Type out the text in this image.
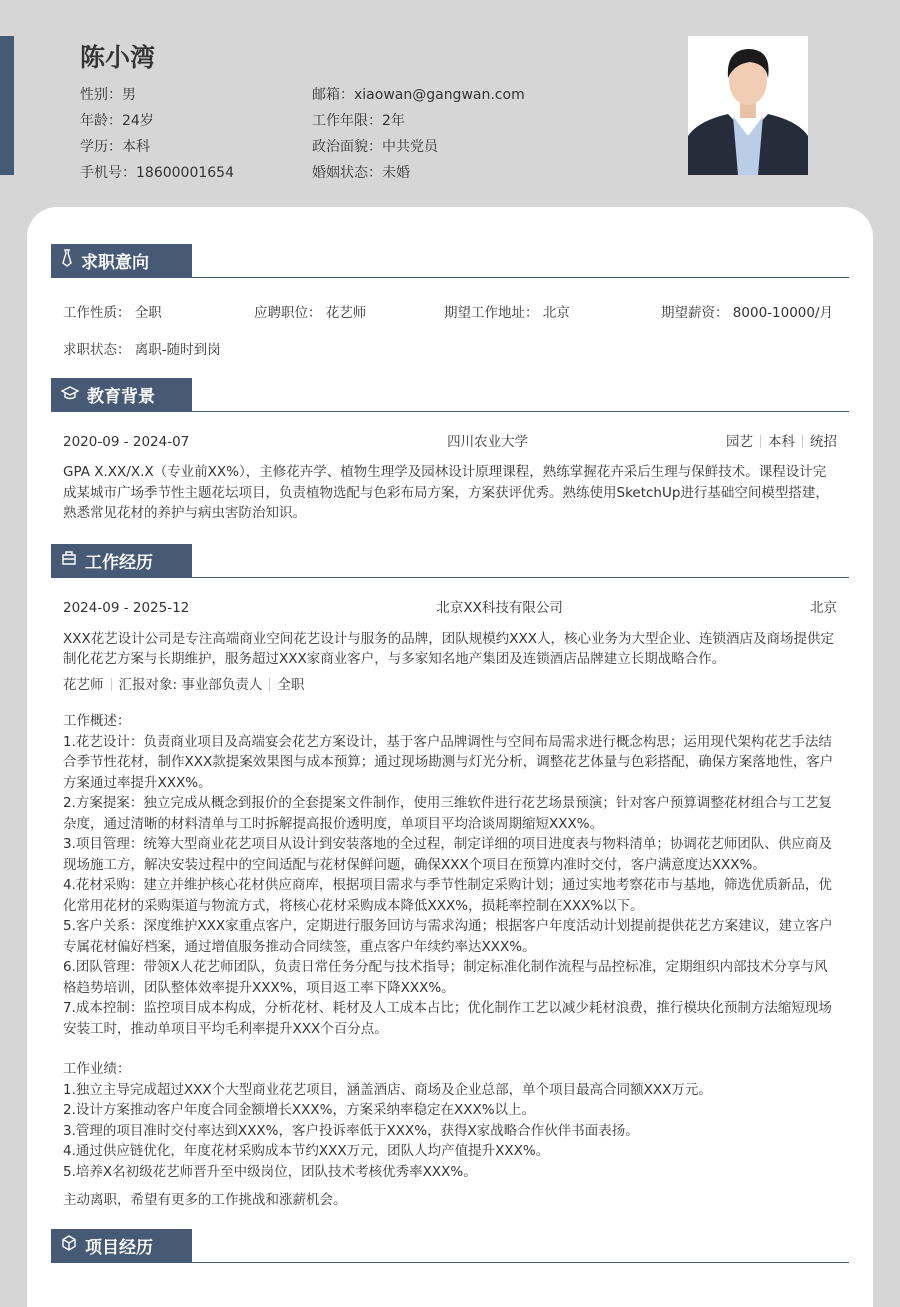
陈小湾
性别：男
年龄：24岁
学历：本科
手机号：18600001654
邮箱：xiaowan@gangwan.com
工作年限：2年
政治面貌：中共党员
婚姻状态：未婚
求职意向
工作性质： 全职	应聘职位： 花艺师	期望工作地址： 北京	期望薪资： 8000-10000/月
求职状态：
离职-随时到岗
教育背景
2020-09 - 2024-07	四川农业大学	园艺 本科 统招
GPA X.XX/X.X（专业前XX%），主修花卉学、植物生理学及园林设计原理课程，熟练掌握花卉采后生理与保鲜技术。课程设计完成某城市广场季节性主题花坛项目，负责植物选配与色彩布局方案，方案获评优秀。熟练使用SketchUp进行基础空间模型搭建，熟悉常见花材的养护与病虫害防治知识。
工作经历
2024-09 - 2025-12	北京XX科技有限公司	北京
XXX花艺设计公司是专注高端商业空间花艺设计与服务的品牌，团队规模约XXX人，核心业务为大型企业、连锁酒店及商场提供定制化花艺方案与长期维护，服务超过XXX家商业客户，与多家知名地产集团及连锁酒店品牌建立长期战略合作。
花艺师 汇报对象: 事业部负责人 全职
工作概述：
1.花艺设计：负责商业项目及高端宴会花艺方案设计，基于客户品牌调性与空间布局需求进行概念构思；运用现代架构花艺手法结合季节性花材，制作XXX款提案效果图与成本预算；通过现场勘测与灯光分析，调整花艺体量与色彩搭配，确保方案落地性，客户方案通过率提升XXX%。
2.方案提案：独立完成从概念到报价的全套提案文件制作，使用三维软件进行花艺场景预演；针对客户预算调整花材组合与工艺复杂度，通过清晰的材料清单与工时拆解提高报价透明度，单项目平均洽谈周期缩短XXX%。
3.项目管理：统筹大型商业花艺项目从设计到安装落地的全过程，制定详细的项目进度表与物料清单；协调花艺师团队、供应商及现场施工方，解决安装过程中的空间适配与花材保鲜问题，确保XXX个项目在预算内准时交付，客户满意度达XXX%。
4.花材采购：建立并维护核心花材供应商库，根据项目需求与季节性制定采购计划；通过实地考察花市与基地，筛选优质新品，优化常用花材的采购渠道与物流方式，将核心花材采购成本降低XXX%，损耗率控制在XXX%以下。
5.客户关系：深度维护XXX家重点客户，定期进行服务回访与需求沟通；根据客户年度活动计划提前提供花艺方案建议，建立客户专属花材偏好档案，通过增值服务推动合同续签，重点客户年续约率达XXX%。
6.团队管理：带领X人花艺师团队，负责日常任务分配与技术指导；制定标准化制作流程与品控标准，定期组织内部技术分享与风格趋势培训，团队整体效率提升XXX%，项目返工率下降XXX%。
7.成本控制：监控项目成本构成，分析花材、耗材及人工成本占比；优化制作工艺以减少耗材浪费，推行模块化预制方法缩短现场安装工时，推动单项目平均毛利率提升XXX个百分点。
工作业绩：
1.独立主导完成超过XXX个大型商业花艺项目，涵盖酒店、商场及企业总部，单个项目最高合同额XXX万元。
2.设计方案推动客户年度合同金额增长XXX%，方案采纳率稳定在XXX%以上。
3.管理的项目准时交付率达到XXX%，客户投诉率低于XXX%，获得X家战略合作伙伴书面表扬。
4.通过供应链优化，年度花材采购成本节约XXX万元，团队人均产值提升XXX%。
5.培养X名初级花艺师晋升至中级岗位，团队技术考核优秀率XXX%。
主动离职，希望有更多的工作挑战和涨薪机会。
项目经历
